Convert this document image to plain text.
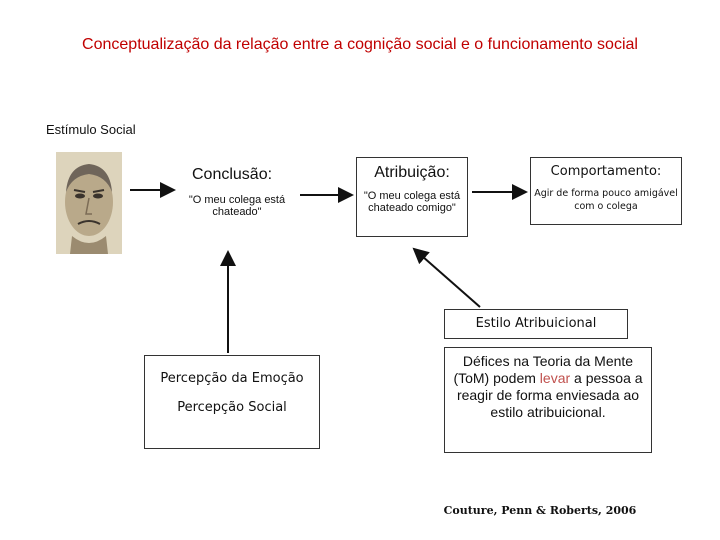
Conceptualização da relação entre a cognição social e o funcionamento social
Estímulo Social
Conclusão:
"O meu colega está chateado"
Atribuição:
"O meu colega está chateado comigo"
Comportamento:
Agir de forma pouco amigável com o colega
Estilo Atribuicional
Percepção da Emoção
Percepção Social
Défices na Teoria da Mente (ToM) podem levar a pessoa a reagir de forma enviesada ao estilo atribuicional.
Couture, Penn & Roberts, 2006
